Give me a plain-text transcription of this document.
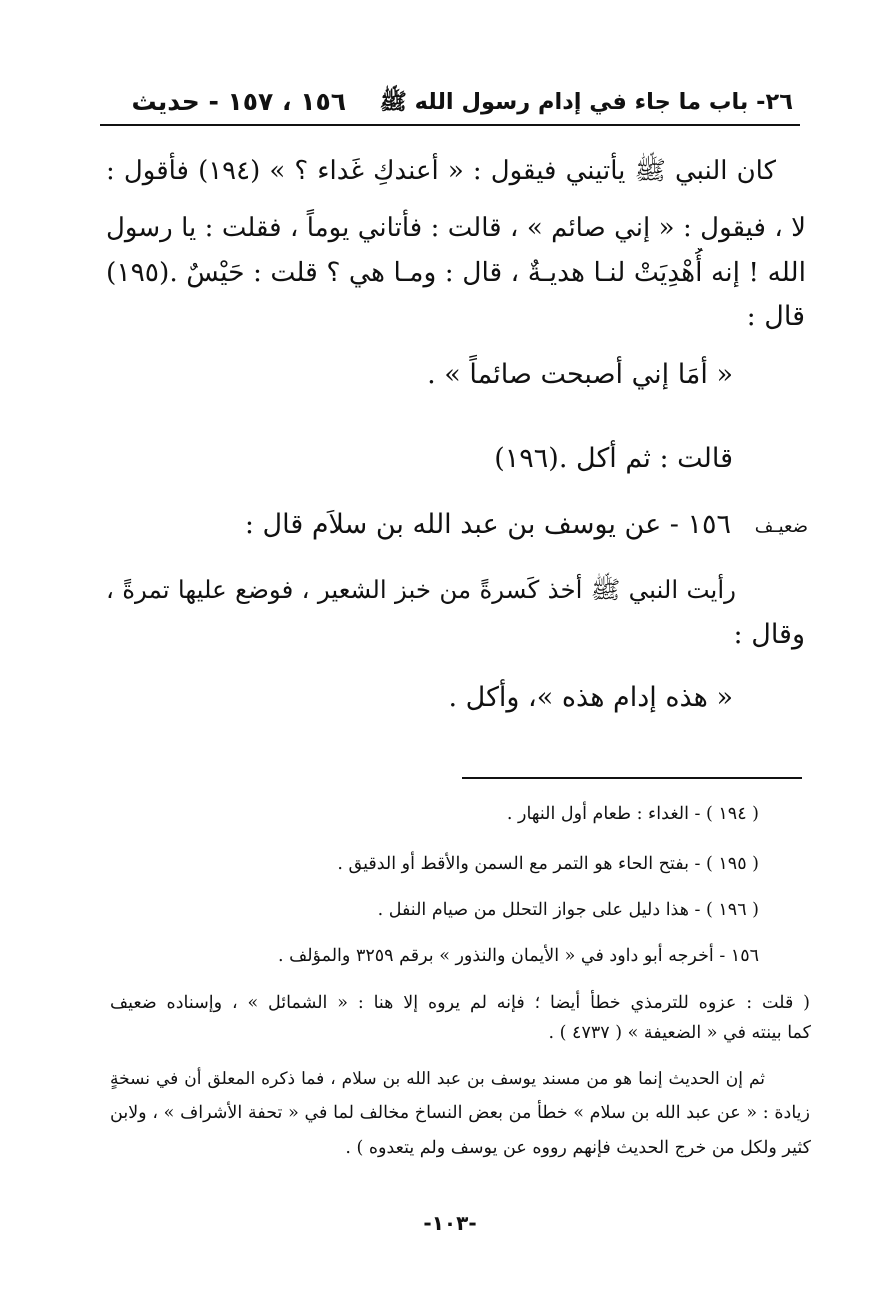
٢٦- باب ما جاء في إدام رسول الله ﷺ
١٥٦ ، ١٥٧ - حديث
كان النبي ﷺ يأتيني فيقول : « أعندكِ غَداء ؟ » (١٩٤) فأقول :
لا ، فيقول : « إني صائم » ، قالت : فأتاني يوماً ، فقلت : يا رسول
الله ! إنه أُهْدِيَتْ لنـا هديـةٌ ، قال : ومـا هي ؟ قلت : حَيْسٌ .(١٩٥)
قال :
« أمَا إني أصبحت صائماً » .
قالت : ثم أكل .(١٩٦)
ضعيـف
١٥٦ - عن يوسف بن عبد الله بن سلاَم قال :
رأيت النبي ﷺ أخذ كَسرةً من خبز الشعير ، فوضع عليها تمرةً ،
وقال :
« هذه إدام هذه »، وأكل .
( ١٩٤ ) - الغداء : طعام أول النهار .
( ١٩٥ ) - بفتح الحاء هو التمر مع السمن والأقط أو الدقيق .
( ١٩٦ ) - هذا دليل على جواز التحلل من صيام النفل .
١٥٦ - أخرجه أبو داود في « الأيمان والنذور » برقم ٣٢٥٩ والمؤلف .
( قلت : عزوه للترمذي خطأ أيضا ؛ فإنه لم يروه إلا هنا : « الشمائل » ، وإسناده ضعيف
كما بينته في « الضعيفة » ( ٤٧٣٧ ) .
ثم إن الحديث إنما هو من مسند يوسف بن عبد الله بن سلام ، فما ذكره المعلق أن في نسخةٍ
زيادة : « عن عبد الله بن سلام » خطأ من بعض النساخ مخالف لما في « تحفة الأشراف » ، ولابن
كثير ولكل من خرج الحديث فإنهم رووه عن يوسف ولم يتعدوه ) .
-١٠٣-
